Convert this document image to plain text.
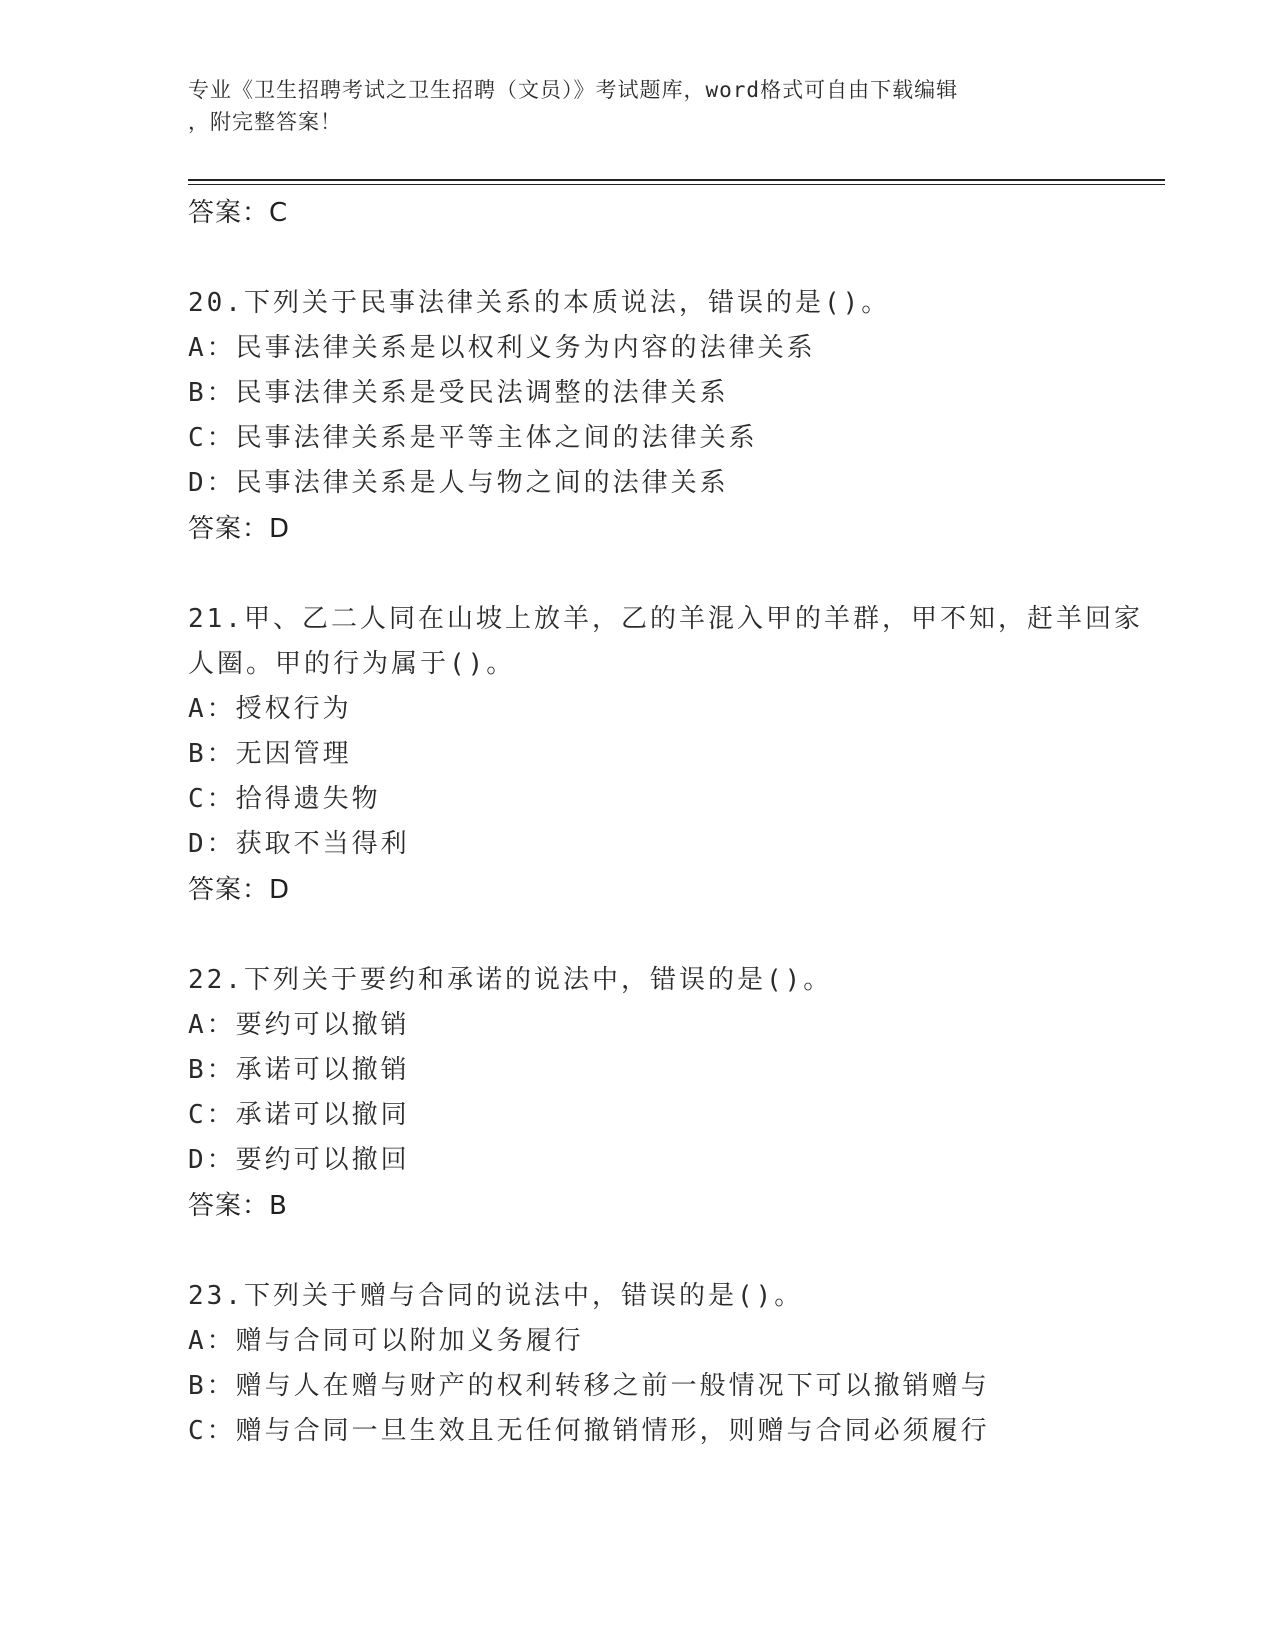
专业《卫生招聘考试之卫生招聘（文员）》考试题库，word格式可自由下载编辑
，附完整答案！
答案：C
20.下列关于民事法律关系的本质说法，错误的是()。
A：民事法律关系是以权利义务为内容的法律关系
B：民事法律关系是受民法调整的法律关系
C：民事法律关系是平等主体之间的法律关系
D：民事法律关系是人与物之间的法律关系
答案：D
21.甲、乙二人同在山坡上放羊，乙的羊混入甲的羊群，甲不知，赶羊回家人圈。甲的行为属于()。
A：授权行为
B：无因管理
C：拾得遗失物
D：获取不当得利
答案：D
22.下列关于要约和承诺的说法中，错误的是()。
A：要约可以撤销
B：承诺可以撤销
C：承诺可以撤同
D：要约可以撤回
答案：B
23.下列关于赠与合同的说法中，错误的是()。
A：赠与合同可以附加义务履行
B：赠与人在赠与财产的权利转移之前一般情况下可以撤销赠与
C：赠与合同一旦生效且无任何撤销情形，则赠与合同必须履行
